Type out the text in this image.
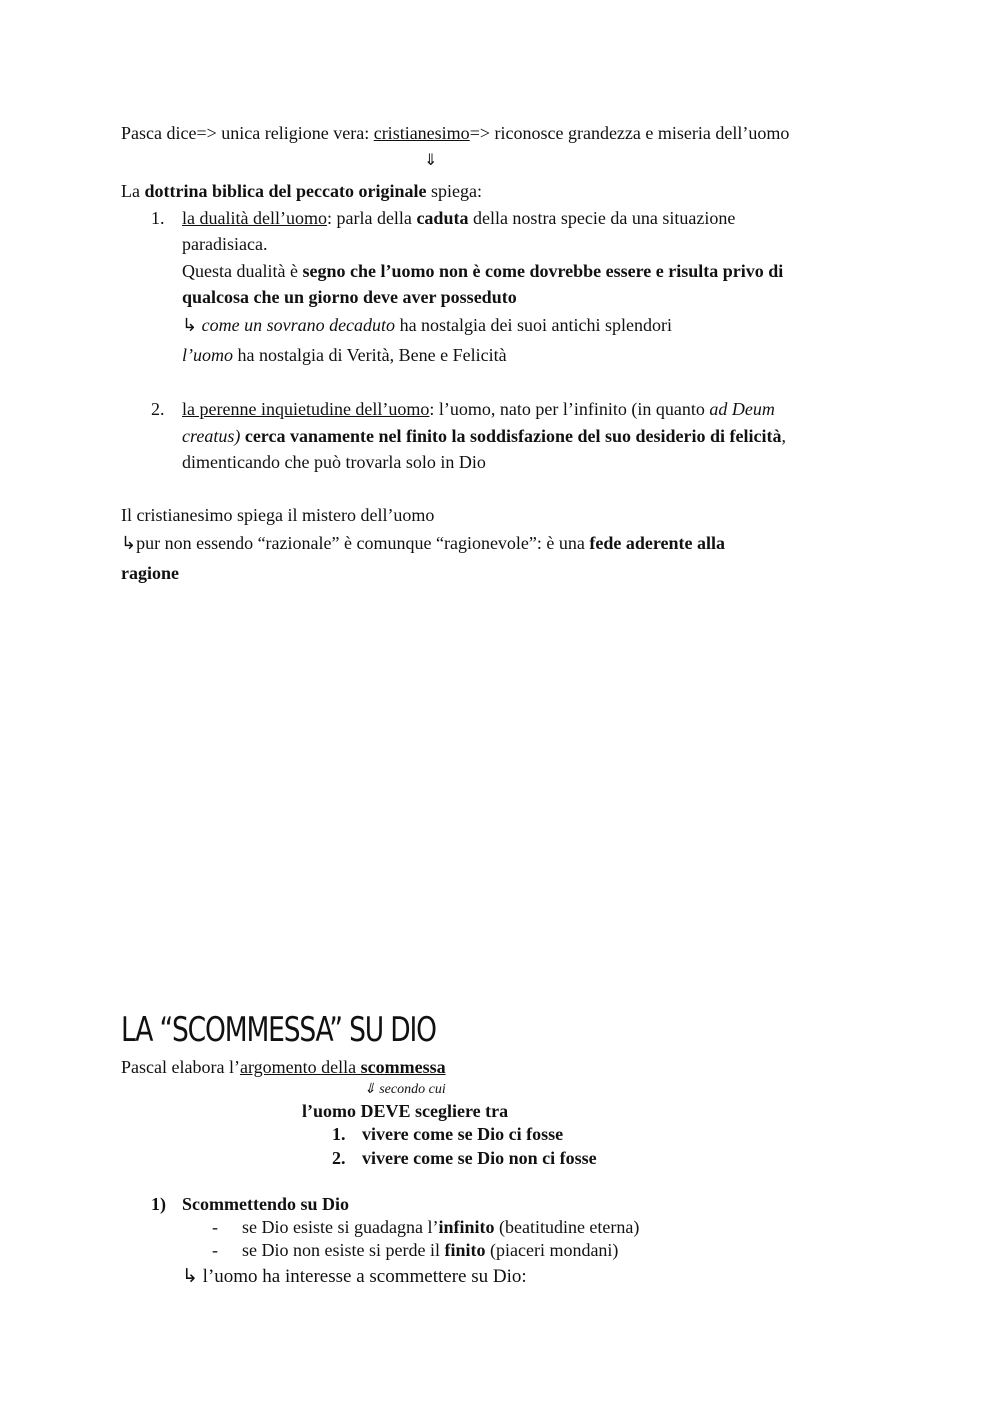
Pasca dice=> unica religione vera: cristianesimo=> riconosce grandezza e miseria dell’uomo
⇓
La dottrina biblica del peccato originale spiega:
1. la dualità dell’uomo: parla della caduta della nostra specie da una situazione
paradisiaca.
Questa dualità è segno che l’uomo non è come dovrebbe essere e risulta privo di
qualcosa che un giorno deve aver posseduto
↳ come un sovrano decaduto ha nostalgia dei suoi antichi splendori
l’uomo ha nostalgia di Verità, Bene e Felicità
2. la perenne inquietudine dell’uomo: l’uomo, nato per l’infinito (in quanto ad Deum
creatus) cerca vanamente nel finito la soddisfazione del suo desiderio di felicità,
dimenticando che può trovarla solo in Dio
Il cristianesimo spiega il mistero dell’uomo
↳pur non essendo “razionale” è comunque “ragionevole”: è una fede aderente alla
ragione
LA “SCOMMESSA” SU DIO
Pascal elabora l’argomento della scommessa
⇓ secondo cui
l’uomo DEVE scegliere tra
1. vivere come se Dio ci fosse
2. vivere come se Dio non ci fosse
1) Scommettendo su Dio
- se Dio esiste si guadagna l’infinito (beatitudine eterna)
- se Dio non esiste si perde il finito (piaceri mondani)
↳ l’uomo ha interesse a scommettere su Dio:
